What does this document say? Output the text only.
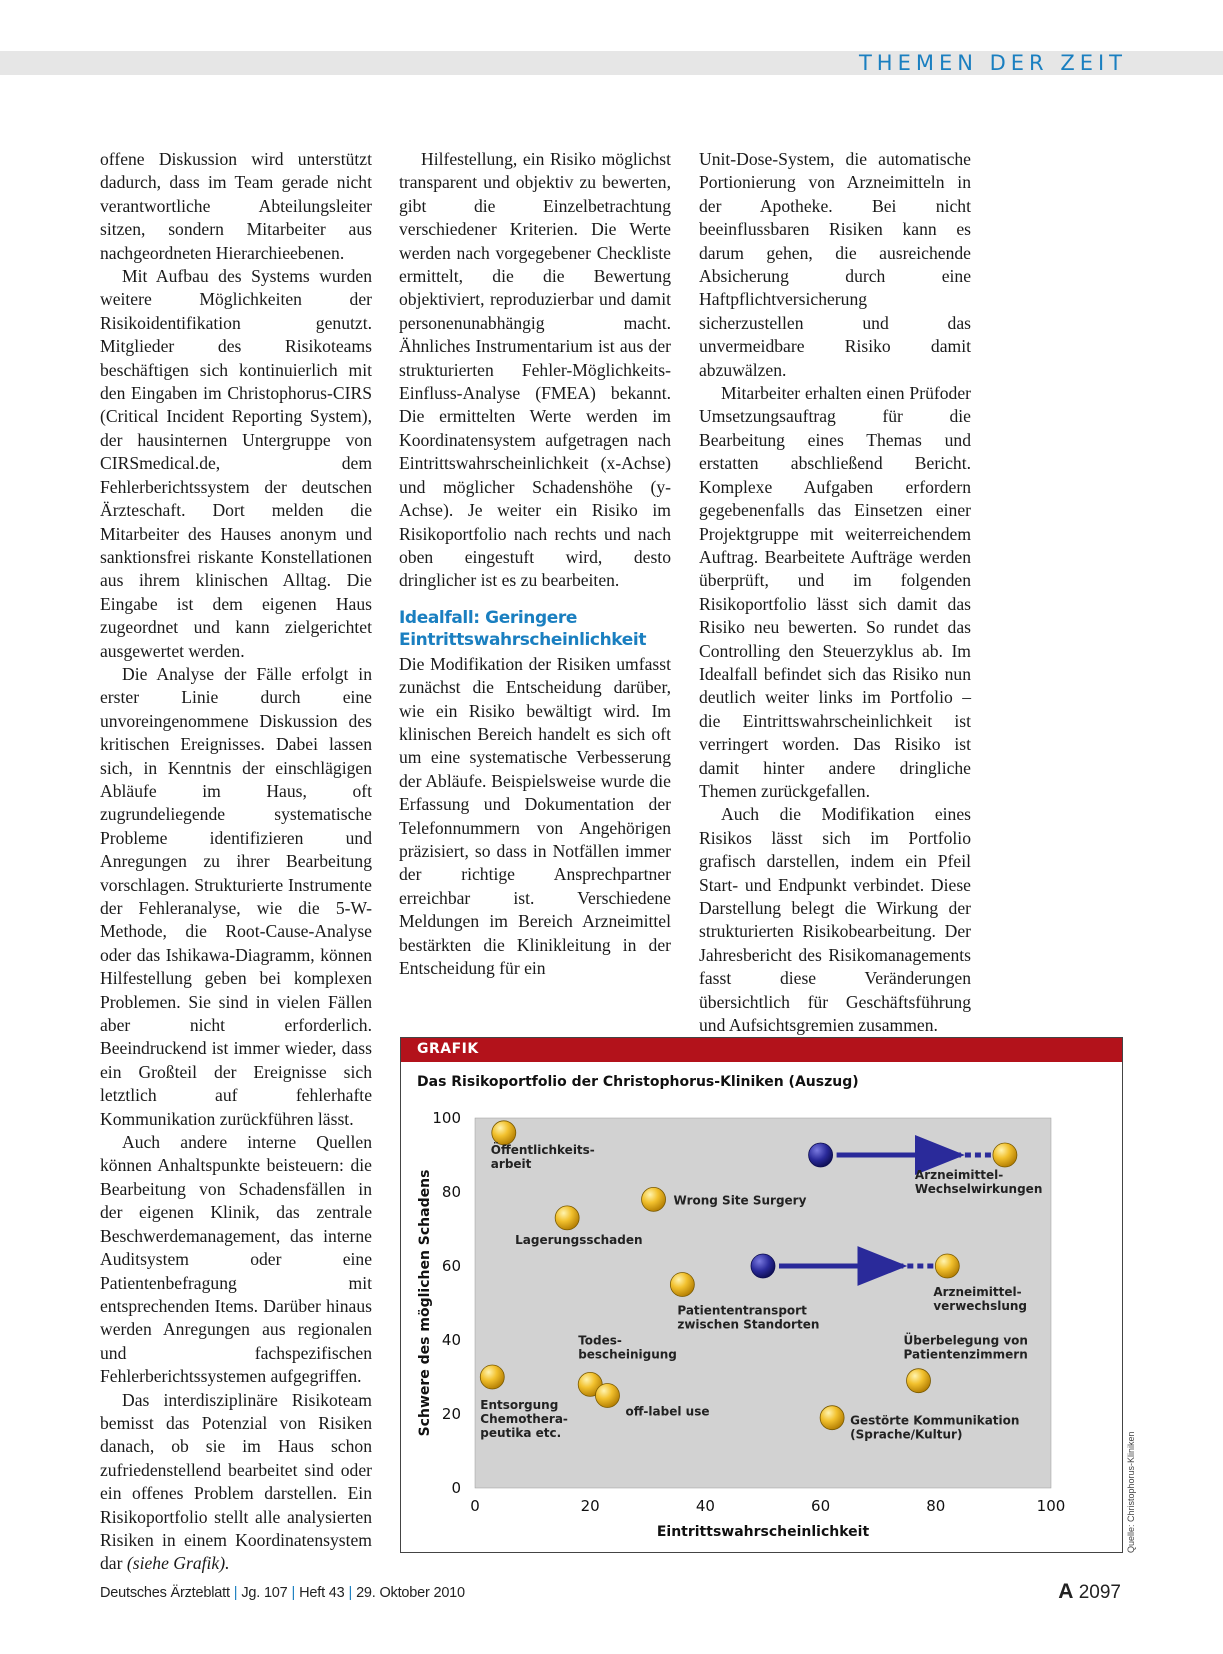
THEMEN DER ZEIT

offene Diskussion wird unterstützt dadurch, dass im Team gerade nicht verantwortliche Abteilungsleiter sitzen, sondern Mitarbeiter aus nachgeordneten Hierarchieebenen.

Mit Aufbau des Systems wurden weitere Möglichkeiten der Risikoidentifikation genutzt. Mitglieder des Risikoteams beschäftigen sich kontinuierlich mit den Eingaben im Christophorus-CIRS (Critical Incident Reporting System), der hausinternen Untergruppe von CIRSmedical.de, dem Fehlerberichtssystem der deutschen Ärzteschaft. Dort melden die Mitarbeiter des Hauses anonym und sanktionsfrei riskante Konstellationen aus ihrem klinischen Alltag. Die Eingabe ist dem eigenen Haus zugeordnet und kann zielgerichtet ausgewertet werden.

Die Analyse der Fälle erfolgt in erster Linie durch eine unvoreingenommene Diskussion des kritischen Ereignisses. Dabei lassen sich, in Kenntnis der einschlägigen Abläufe im Haus, oft zugrundeliegende systematische Probleme identifizieren und Anregungen zu ihrer Bearbeitung vorschlagen. Strukturierte Instrumente der Fehleranalyse, wie die 5-W-Methode, die Root-Cause-Analyse oder das Ishikawa-Diagramm, können Hilfestellung geben bei komplexen Problemen. Sie sind in vielen Fällen aber nicht erforderlich. Beeindruckend ist immer wieder, dass ein Großteil der Ereignisse sich letztlich auf fehlerhafte Kommunikation zurückführen lässt.

Auch andere interne Quellen können Anhaltspunkte beisteuern: die Bearbeitung von Schadensfällen in der eigenen Klinik, das zentrale Beschwerdemanagement, das interne Auditsystem oder eine Patientenbefragung mit entsprechenden Items. Darüber hinaus werden Anregungen aus regionalen und fachspezifischen Fehlerberichtssystemen aufgegriffen.

Das interdisziplinäre Risikoteam bemisst das Potenzial von Risiken danach, ob sie im Haus schon zufriedenstellend bearbeitet sind oder ein offenes Problem darstellen. Ein Risikoportfolio stellt alle analysierten Risiken in einem Koordinatensystem dar (siehe Grafik).

Hilfestellung, ein Risiko möglichst transparent und objektiv zu bewerten, gibt die Einzelbetrachtung verschiedener Kriterien. Die Werte werden nach vorgegebener Checkliste ermittelt, die die Bewertung objektiviert, reproduzierbar und damit personenunabhängig macht. Ähnliches Instrumentarium ist aus der strukturierten Fehler-Möglichkeits-Einfluss-Analyse (FMEA) bekannt. Die ermittelten Werte werden im Koordinatensystem aufgetragen nach Eintrittswahrscheinlichkeit (x-Achse) und möglicher Schadenshöhe (y-Achse). Je weiter ein Risiko im Risikoportfolio nach rechts und nach oben eingestuft wird, desto dringlicher ist es zu bearbeiten.

Idealfall: Geringere
Eintrittswahrscheinlichkeit

Die Modifikation der Risiken umfasst zunächst die Entscheidung darüber, wie ein Risiko bewältigt wird. Im klinischen Bereich handelt es sich oft um eine systematische Verbesserung der Abläufe. Beispielsweise wurde die Erfassung und Dokumentation der Telefonnummern von Angehörigen präzisiert, so dass in Notfällen immer der richtige Ansprechpartner erreichbar ist. Verschiedene Meldungen im Bereich Arzneimittel bestärkten die Klinikleitung in der Entscheidung für ein

Unit-Dose-System, die automatische Portionierung von Arzneimitteln in der Apotheke. Bei nicht beeinflussbaren Risiken kann es darum gehen, die ausreichende Absicherung durch eine Haftpflichtversicherung sicherzustellen und das unvermeidbare Risiko damit abzuwälzen.

Mitarbeiter erhalten einen Prüfoder Umsetzungsauftrag für die Bearbeitung eines Themas und erstatten abschließend Bericht. Komplexe Aufgaben erfordern gegebenenfalls das Einsetzen einer Projektgruppe mit weiterreichendem Auftrag. Bearbeitete Aufträge werden überprüft, und im folgenden Risikoportfolio lässt sich damit das Risiko neu bewerten. So rundet das Controlling den Steuerzyklus ab. Im Idealfall befindet sich das Risiko nun deutlich weiter links im Portfolio – die Eintrittswahrscheinlichkeit ist verringert worden. Das Risiko ist damit hinter andere dringliche Themen zurückgefallen.

Auch die Modifikation eines Risikos lässt sich im Portfolio grafisch darstellen, indem ein Pfeil Start- und Endpunkt verbindet. Diese Darstellung belegt die Wirkung der strukturierten Risikobearbeitung. Der Jahresbericht des Risikomanagements fasst diese Veränderungen übersichtlich für Geschäftsführung und Aufsichtsgremien zusammen.

GRAFIK
Das Risikoportfolio der Christophorus-Kliniken (Auszug)
0	20	40	60	80	100
0
20
40
60
80
100
Eintrittswahrscheinlichkeit
Schwere des möglichen Schadens
Öffentlichkeits-
arbeit
Lagerungsschaden
Wrong Site Surgery
Patiententransport
zwischen Standorten
Todes-
bescheinigung
off-label use
Entsorgung
Chemothera-
peutika etc.
Arzneimittel-
Wechselwirkungen
Arzneimittel-
verwechslung
Überbelegung von
Patientenzimmern
Gestörte Kommunikation
(Sprache/Kultur)	Quelle: Christophorus-Kliniken
Deutsches Ärzteblatt | Jg. 107 | Heft 43 | 29. Oktober 2010	A 2097
